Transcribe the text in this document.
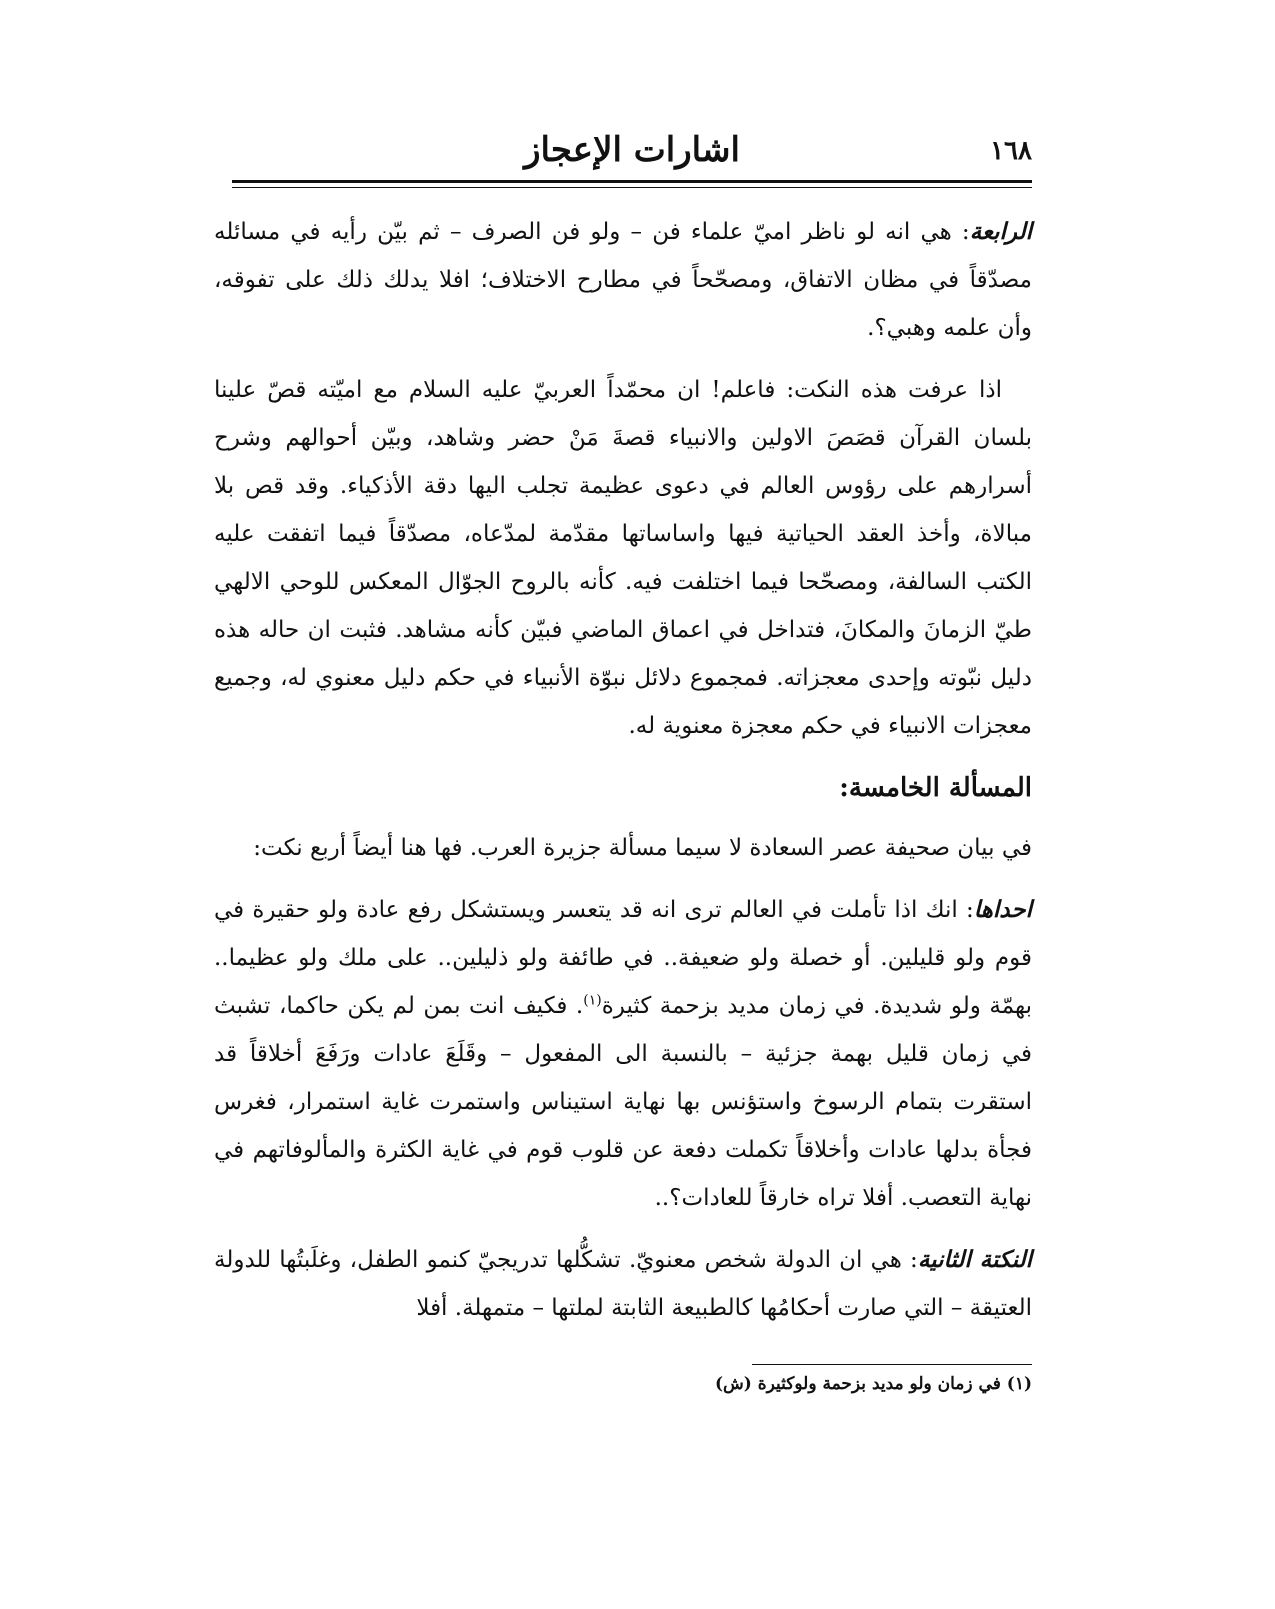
١٦٨
اشارات الإعجاز

الرابعة: هي انه لو ناظر اميّ علماء فن – ولو فن الصرف – ثم بيّن رأيه في مسائله مصدّقاً في مظان الاتفاق، ومصحّحاً في مطارح الاختلاف؛ افلا يدلك ذلك على تفوقه، وأن علمه وهبي؟.

اذا عرفت هذه النكت: فاعلم! ان محمّداً العربيّ عليه السلام مع اميّته قصّ علينا بلسان القرآن قصَصَ الاولين والانبياء قصةَ مَنْ حضر وشاهد، وبيّن أحوالهم وشرح أسرارهم على رؤوس العالم في دعوى عظيمة تجلب اليها دقة الأذكياء. وقد قص بلا مبالاة، وأخذ العقد الحياتية فيها واساساتها مقدّمة لمدّعاه، مصدّقاً فيما اتفقت عليه الكتب السالفة، ومصحّحا فيما اختلفت فيه. كأنه بالروح الجوّال المعكس للوحي الالهي طيّ الزمانَ والمكانَ، فتداخل في اعماق الماضي فبيّن كأنه مشاهد. فثبت ان حاله هذه دليل نبّوته وإحدى معجزاته. فمجموع دلائل نبوّة الأنبياء في حكم دليل معنوي له، وجميع معجزات الانبياء في حكم معجزة معنوية له.

المسألة الخامسة:

في بيان صحيفة عصر السعادة لا سيما مسألة جزيرة العرب. فها هنا أيضاً أربع نكت:

احداها: انك اذا تأملت في العالم ترى انه قد يتعسر ويستشكل رفع عادة ولو حقيرة في قوم ولو قليلين. أو خصلة ولو ضعيفة.. في طائفة ولو ذليلين.. على ملك ولو عظيما.. بهمّة ولو شديدة. في زمان مديد بزحمة كثيرة$^{(١)}$. فكيف انت بمن لم يكن حاكما، تشبث في زمان قليل بهمة جزئية – بالنسبة الى المفعول – وقَلَعَ عادات ورَفَعَ أخلاقاً قد استقرت بتمام الرسوخ واستؤنس بها نهاية استيناس واستمرت غاية استمرار، فغرس فجأة بدلها عادات وأخلاقاً تكملت دفعة عن قلوب قوم في غاية الكثرة والمألوفاتهم في نهاية التعصب. أفلا تراه خارقاً للعادات؟..

النكتة الثانية: هي ان الدولة شخص معنويّ. تشكُّلها تدريجيّ كنمو الطفل، وغلَبتُها للدولة العتيقة – التي صارت أحكامُها كالطبيعة الثابتة لملتها – متمهلة. أفلا

(١) في زمان ولو مديد بزحمة ولوكثيرة (ش)
